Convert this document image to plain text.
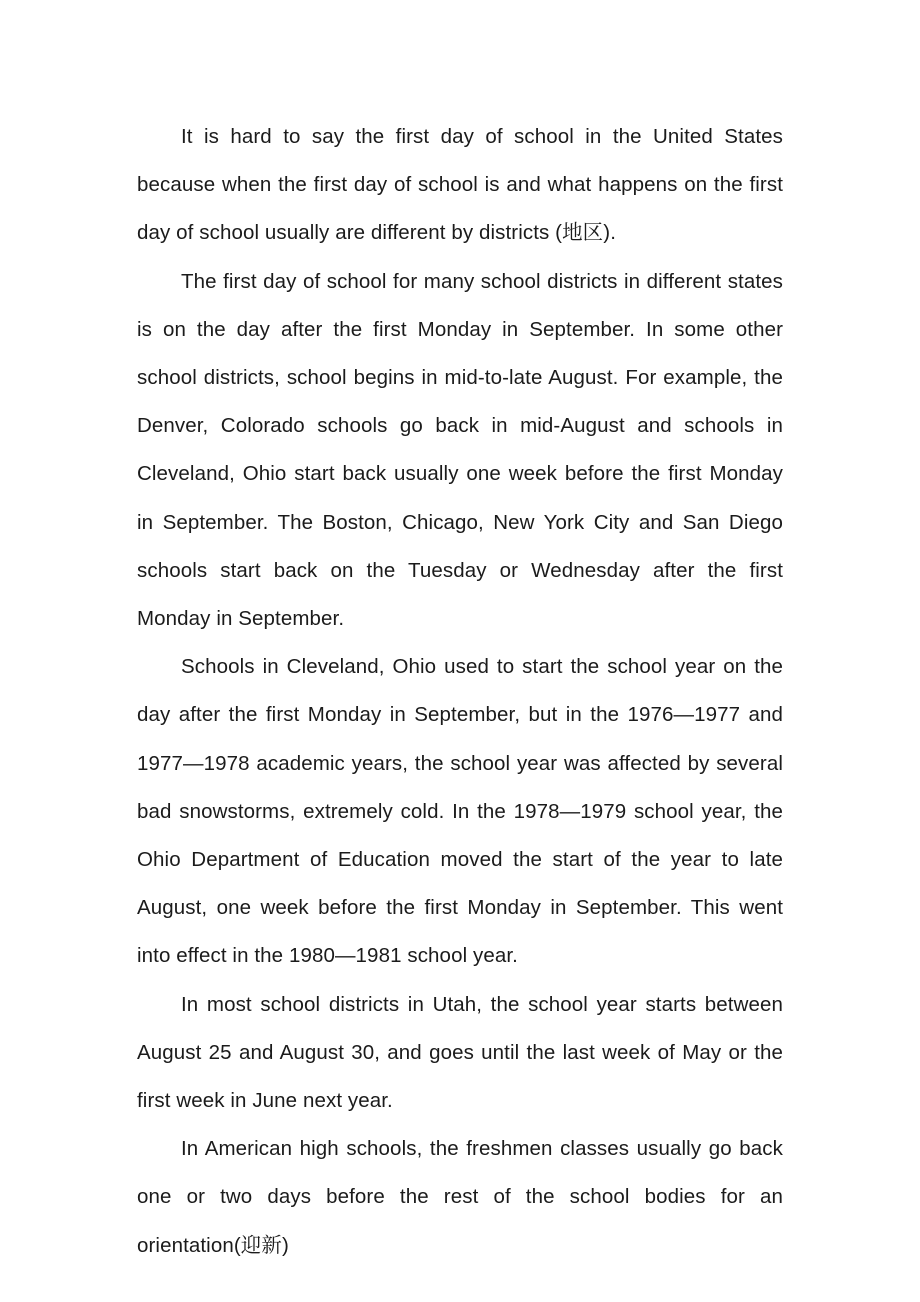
It is hard to say the first day of school in the United States because when the first day of school is and what happens on the first day of school usually are different by districts (地区).

The first day of school for many school districts in different states is on the day after the first Monday in September. In some other school districts, school begins in mid-to-late August. For example, the Denver, Colorado schools go back in mid-August and schools in Cleveland, Ohio start back usually one week before the first Monday in September. The Boston, Chicago, New York City and San Diego schools start back on the Tuesday or Wednesday after the first Monday in September.

Schools in Cleveland, Ohio used to start the school year on the day after the first Monday in September, but in the 1976—1977 and 1977—1978 academic years, the school year was affected by several bad snowstorms, extremely cold. In the 1978—1979 school year, the Ohio Department of Education moved the start of the year to late August, one week before the first Monday in September. This went into effect in the 1980—1981 school year.

In most school districts in Utah, the school year starts between August 25 and August 30, and goes until the last week of May or the first week in June next year.

In American high schools, the freshmen classes usually go back one or two days before the rest of the school bodies for an orientation(迎新)
